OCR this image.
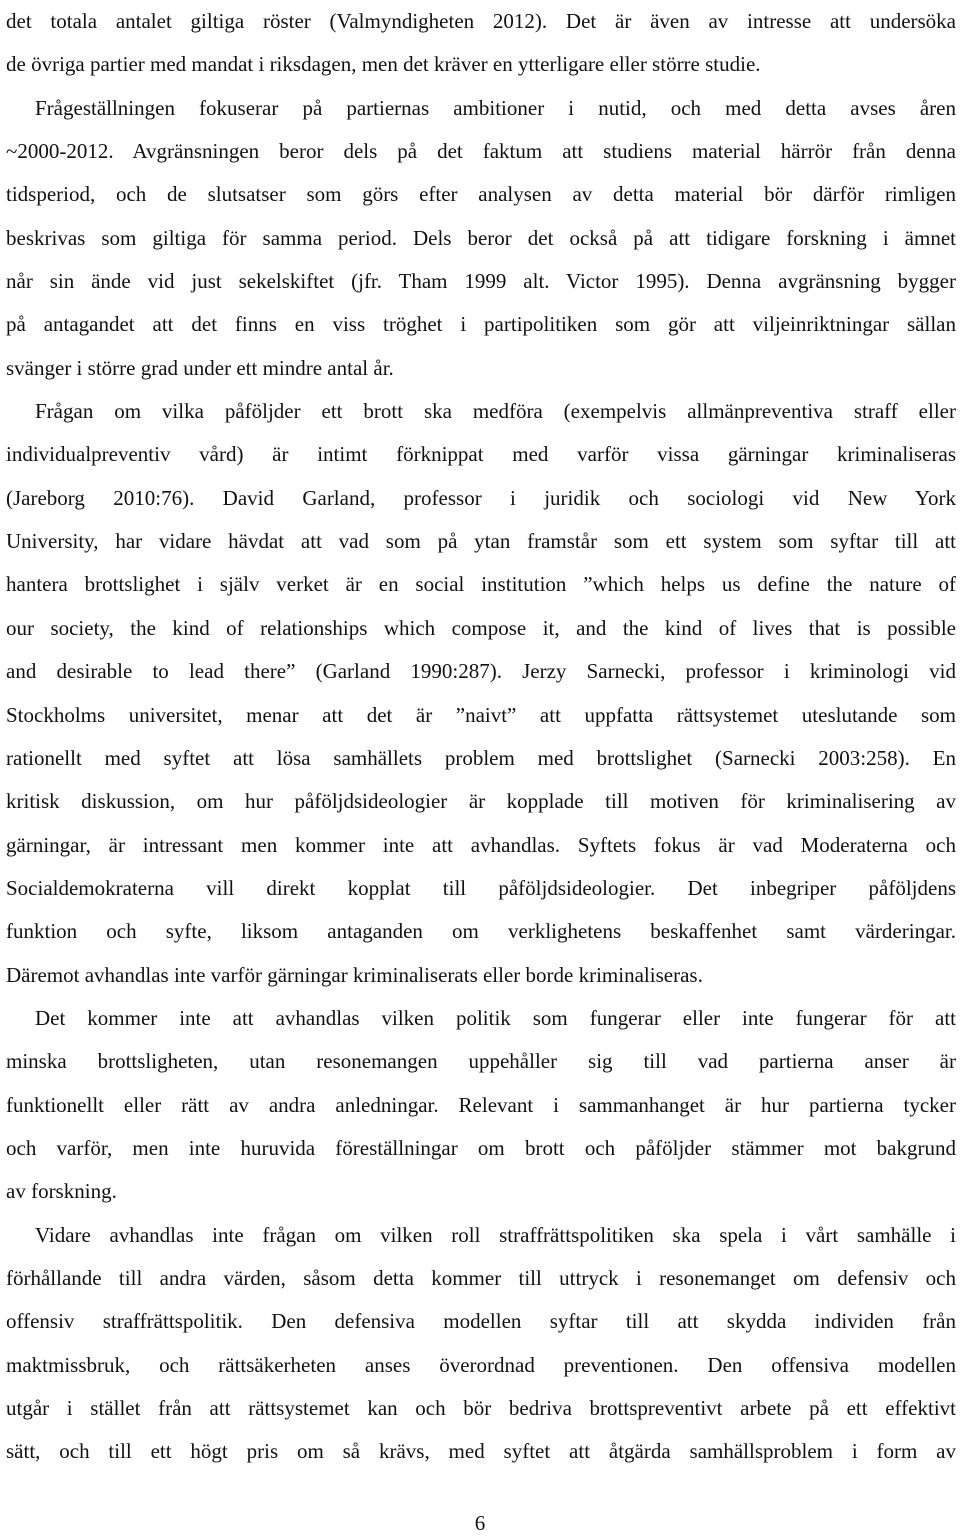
det totala antalet giltiga röster (Valmyndigheten 2012). Det är även av intresse att undersöka
de övriga partier med mandat i riksdagen, men det kräver en ytterligare eller större studie.
Frågeställningen fokuserar på partiernas ambitioner i nutid, och med detta avses åren
~2000-2012. Avgränsningen beror dels på det faktum att studiens material härrör från denna
tidsperiod, och de slutsatser som görs efter analysen av detta material bör därför rimligen
beskrivas som giltiga för samma period. Dels beror det också på att tidigare forskning i ämnet
når sin ände vid just sekelskiftet (jfr. Tham 1999 alt. Victor 1995). Denna avgränsning bygger
på antagandet att det finns en viss tröghet i partipolitiken som gör att viljeinriktningar sällan
svänger i större grad under ett mindre antal år.
Frågan om vilka påföljder ett brott ska medföra (exempelvis allmänpreventiva straff eller
individualpreventiv vård) är intimt förknippat med varför vissa gärningar kriminaliseras
(Jareborg 2010:76). David Garland, professor i juridik och sociologi vid New York
University, har vidare hävdat att vad som på ytan framstår som ett system som syftar till att
hantera brottslighet i själv verket är en social institution ”which helps us define the nature of
our society, the kind of relationships which compose it, and the kind of lives that is possible
and desirable to lead there” (Garland 1990:287). Jerzy Sarnecki, professor i kriminologi vid
Stockholms universitet, menar att det är ”naivt” att uppfatta rättsystemet uteslutande som
rationellt med syftet att lösa samhällets problem med brottslighet (Sarnecki 2003:258). En
kritisk diskussion, om hur påföljdsideologier är kopplade till motiven för kriminalisering av
gärningar, är intressant men kommer inte att avhandlas. Syftets fokus är vad Moderaterna och
Socialdemokraterna vill direkt kopplat till påföljdsideologier. Det inbegriper påföljdens
funktion och syfte, liksom antaganden om verklighetens beskaffenhet samt värderingar.
Däremot avhandlas inte varför gärningar kriminaliserats eller borde kriminaliseras.
Det kommer inte att avhandlas vilken politik som fungerar eller inte fungerar för att
minska brottsligheten, utan resonemangen uppehåller sig till vad partierna anser är
funktionellt eller rätt av andra anledningar. Relevant i sammanhanget är hur partierna tycker
och varför, men inte huruvida föreställningar om brott och påföljder stämmer mot bakgrund
av forskning.
Vidare avhandlas inte frågan om vilken roll straffrättspolitiken ska spela i vårt samhälle i
förhållande till andra värden, såsom detta kommer till uttryck i resonemanget om defensiv och
offensiv straffrättspolitik. Den defensiva modellen syftar till att skydda individen från
maktmissbruk, och rättsäkerheten anses överordnad preventionen. Den offensiva modellen
utgår i stället från att rättsystemet kan och bör bedriva brottspreventivt arbete på ett effektivt
sätt, och till ett högt pris om så krävs, med syftet att åtgärda samhällsproblem i form av
6
